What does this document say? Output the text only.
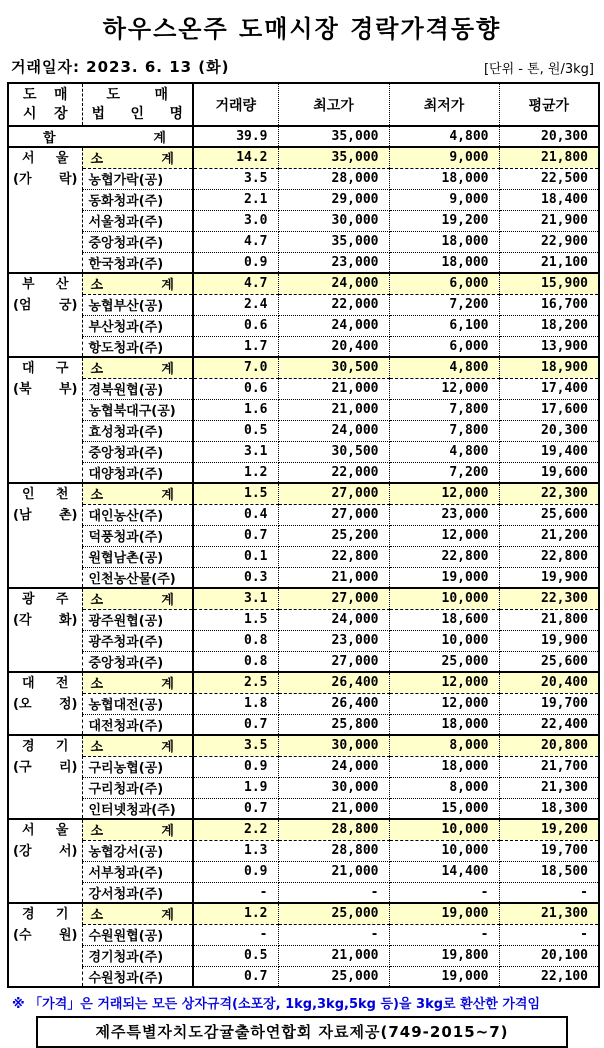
하우스온주 도매시장 경락가격동향
거래일자: 2023. 6. 13 (화)	[단위 - 톤, 원/3kg]
도 매
시 장

도 매
법 인 명	거래량	최고가	최저가	평균가
합 계		39.9	35,000	4,800	20,300

서 울
(가 락)	소 계	14.2	35,000	9,000	21,800
	농협가락(공)	3.5	28,000	18,000	22,500
	동화청과(주)	2.1	29,000	9,000	18,400
	서울청과(주)	3.0	30,000	19,200	21,900
	중앙청과(주)	4.7	35,000	18,000	22,900
	한국청과(주)	0.9	23,000	18,000	21,100

부 산
(엄 궁)	소 계	4.7	24,000	6,000	15,900
	농협부산(공)	2.4	22,000	7,200	16,700
	부산청과(주)	0.6	24,000	6,100	18,200
	항도청과(주)	1.7	20,400	6,000	13,900

대 구
(북 부)	소 계	7.0	30,500	4,800	18,900
	경북원협(공)	0.6	21,000	12,000	17,400
	농협북대구(공)	1.6	21,000	7,800	17,600
	효성청과(주)	0.5	24,000	7,800	20,300
	중앙청과(주)	3.1	30,500	4,800	19,400
	대양청과(주)	1.2	22,000	7,200	19,600

인 천
(남 촌)	소 계	1.5	27,000	12,000	22,300
	대인농산(주)	0.4	27,000	23,000	25,600
	덕풍청과(주)	0.7	25,200	12,000	21,200
	원협남촌(공)	0.1	22,800	22,800	22,800
	인천농산물(주)	0.3	21,000	19,000	19,900

광 주
(각 화)	소 계	3.1	27,000	10,000	22,300
	광주원협(공)	1.5	24,000	18,600	21,800
	광주청과(주)	0.8	23,000	10,000	19,900
	중앙청과(주)	0.8	27,000	25,000	25,600

대 전
(오 정)	소 계	2.5	26,400	12,000	20,400
	농협대전(공)	1.8	26,400	12,000	19,700
	대전청과(주)	0.7	25,800	18,000	22,400

경 기
(구 리)	소 계	3.5	30,000	8,000	20,800
	구리농협(공)	0.9	24,000	18,000	21,700
	구리청과(주)	1.9	30,000	8,000	21,300
	인터넷청과(주)	0.7	21,000	15,000	18,300

서 울
(강 서)	소 계	2.2	28,800	10,000	19,200
	농협강서(공)	1.3	28,800	10,000	19,700
	서부청과(주)	0.9	21,000	14,400	18,500
	강서청과(주)	-	-	-	-

경 기
(수 원)	소 계	1.2	25,000	19,000	21,300
	수원원협(공)	-	-	-	-
	경기청과(주)	0.5	21,000	19,800	20,100
	수원청과(주)	0.7	25,000	19,000	22,100
※ 「가격」은 거래되는 모든 상자규격(소포장, 1kg,3kg,5kg 등)을 3kg로 환산한 가격임
제주특별자치도감귤출하연합회 자료제공(749-2015~7)
